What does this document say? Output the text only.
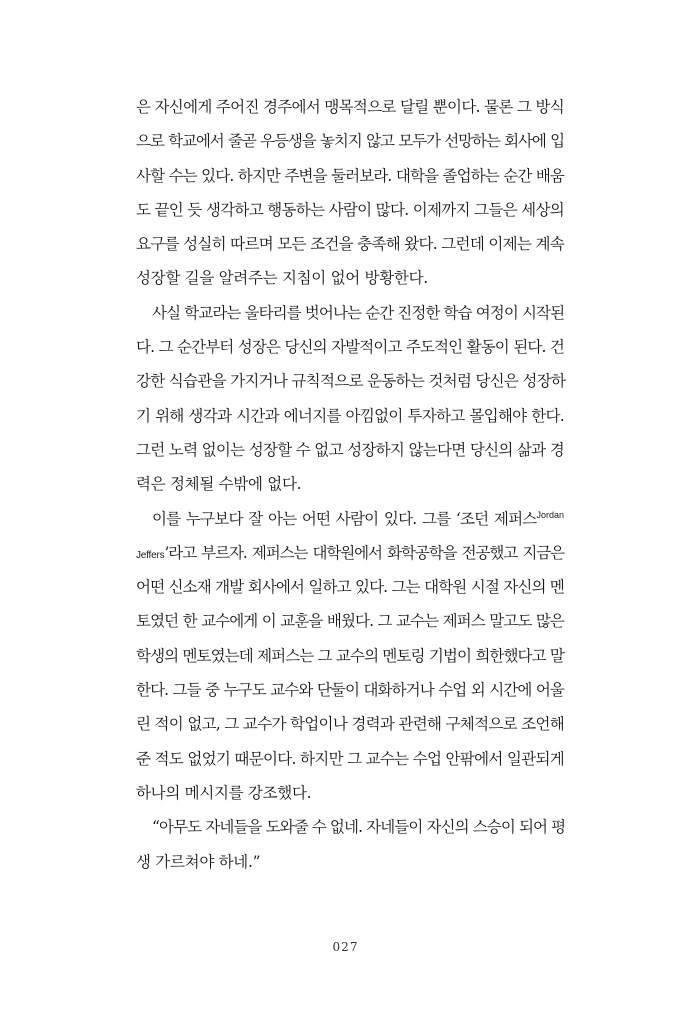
은 자신에게 주어진 경주에서 맹목적으로 달릴 뿐이다. 물론 그 방식
으로 학교에서 줄곧 우등생을 놓치지 않고 모두가 선망하는 회사에 입
사할 수는 있다. 하지만 주변을 둘러보라. 대학을 졸업하는 순간 배움
도 끝인 듯 생각하고 행동하는 사람이 많다. 이제까지 그들은 세상의
요구를 성실히 따르며 모든 조건을 충족해 왔다. 그런데 이제는 계속
성장할 길을 알려주는 지침이 없어 방황한다.
사실 학교라는 울타리를 벗어나는 순간 진정한 학습 여정이 시작된
다. 그 순간부터 성장은 당신의 자발적이고 주도적인 활동이 된다. 건
강한 식습관을 가지거나 규칙적으로 운동하는 것처럼 당신은 성장하
기 위해 생각과 시간과 에너지를 아낌없이 투자하고 몰입해야 한다.
그런 노력 없이는 성장할 수 없고 성장하지 않는다면 당신의 삶과 경
력은 정체될 수밖에 없다.
이를 누구보다 잘 아는 어떤 사람이 있다. 그를 ‘조던 제퍼스$^{Jordan}$
Jeffers’라고 부르자. 제퍼스는 대학원에서 화학공학을 전공했고 지금은
어떤 신소재 개발 회사에서 일하고 있다. 그는 대학원 시절 자신의 멘
토였던 한 교수에게 이 교훈을 배웠다. 그 교수는 제퍼스 말고도 많은
학생의 멘토였는데 제퍼스는 그 교수의 멘토링 기법이 희한했다고 말
한다. 그들 중 누구도 교수와 단둘이 대화하거나 수업 외 시간에 어울
린 적이 없고, 그 교수가 학업이나 경력과 관련해 구체적으로 조언해
준 적도 없었기 때문이다. 하지만 그 교수는 수업 안팎에서 일관되게
하나의 메시지를 강조했다.
“아무도 자네들을 도와줄 수 없네. 자네들이 자신의 스승이 되어 평
생 가르쳐야 하네.”
027
